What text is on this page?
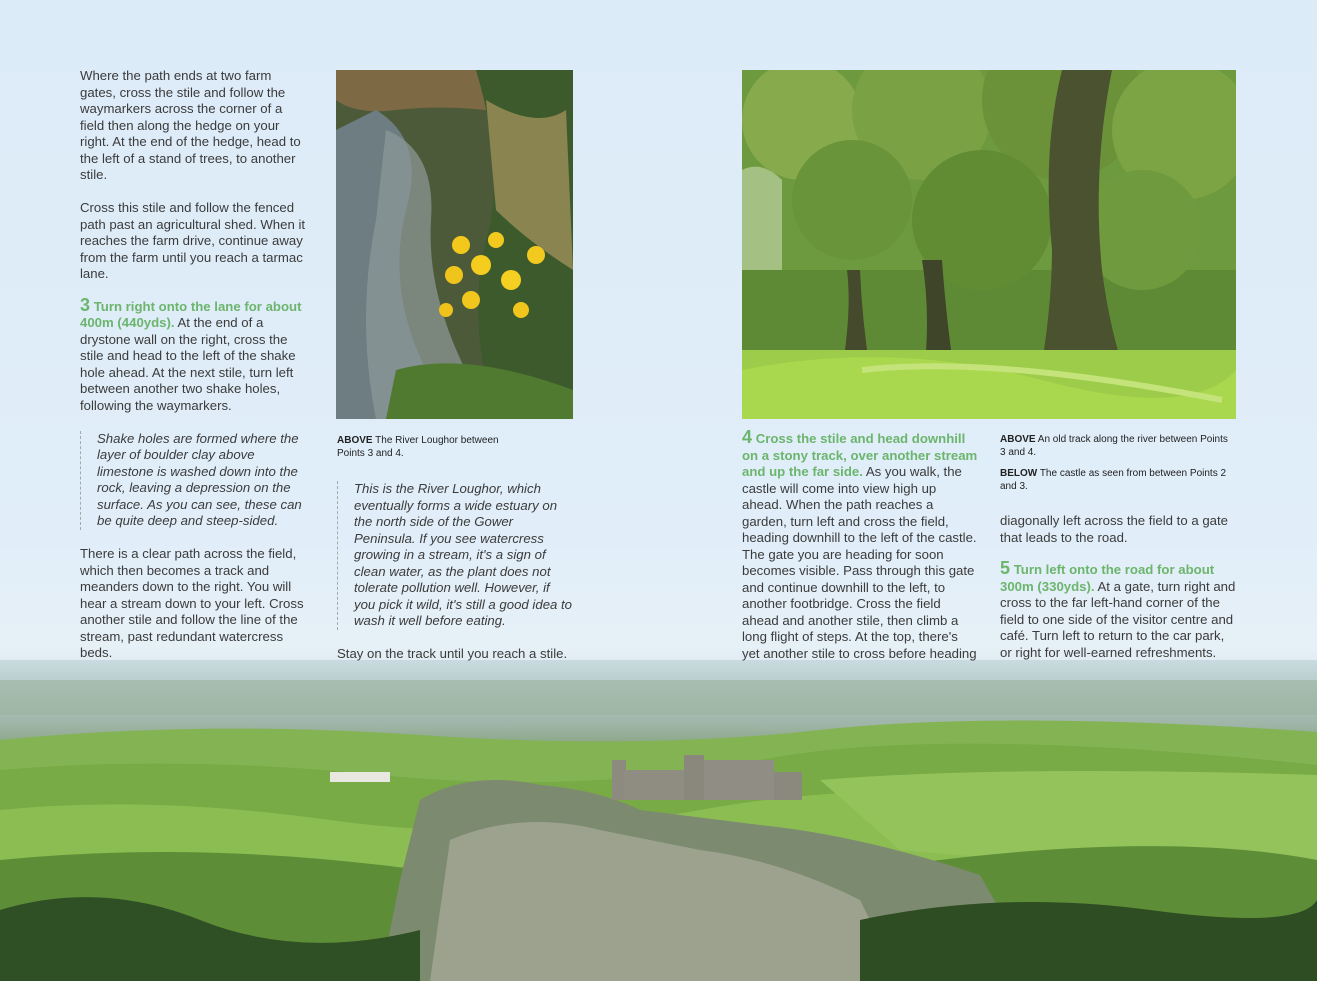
Where the path ends at two farm gates, cross the stile and follow the waymarkers across the corner of a field then along the hedge on your right. At the end of the hedge, head to the left of a stand of trees, to another stile.

Cross this stile and follow the fenced path past an agricultural shed. When it reaches the farm drive, continue away from the farm until you reach a tarmac lane.

3 Turn right onto the lane for about 400m (440yds). At the end of a drystone wall on the right, cross the stile and head to the left of the shake hole ahead. At the next stile, turn left between another two shake holes, following the waymarkers.

Shake holes are formed where the layer of boulder clay above limestone is washed down into the rock, leaving a depression on the surface. As you can see, these can be quite deep and steep-sided.

There is a clear path across the field, which then becomes a track and meanders down to the right. You will hear a stream down to your left. Cross another stile and follow the line of the stream, past redundant watercress beds.

ABOVE The River Loughor between Points 3 and 4.
This is the River Loughor, which eventually forms a wide estuary on the north side of the Gower Peninsula. If you see watercress growing in a stream, it's a sign of clean water, as the plant does not tolerate pollution well. However, if you pick it wild, it's still a good idea to wash it well before eating.

Stay on the track until you reach a stile.

4 Cross the stile and head downhill on a stony track, over another stream and up the far side. As you walk, the castle will come into view high up ahead. When the path reaches a garden, turn left and cross the field, heading downhill to the left of the castle. The gate you are heading for soon becomes visible. Pass through this gate and continue downhill to the left, to another footbridge. Cross the field ahead and another stile, then climb a long flight of steps. At the top, there's yet another stile to cross before heading

ABOVE An old track along the river between Points 3 and 4.
BELOW The castle as seen from between Points 2 and 3.

diagonally left across the field to a gate that leads to the road.

5 Turn left onto the road for about 300m (330yds). At a gate, turn right and cross to the far left-hand corner of the field to one side of the visitor centre and café. Turn left to return to the car park, or right for well-earned refreshments.
